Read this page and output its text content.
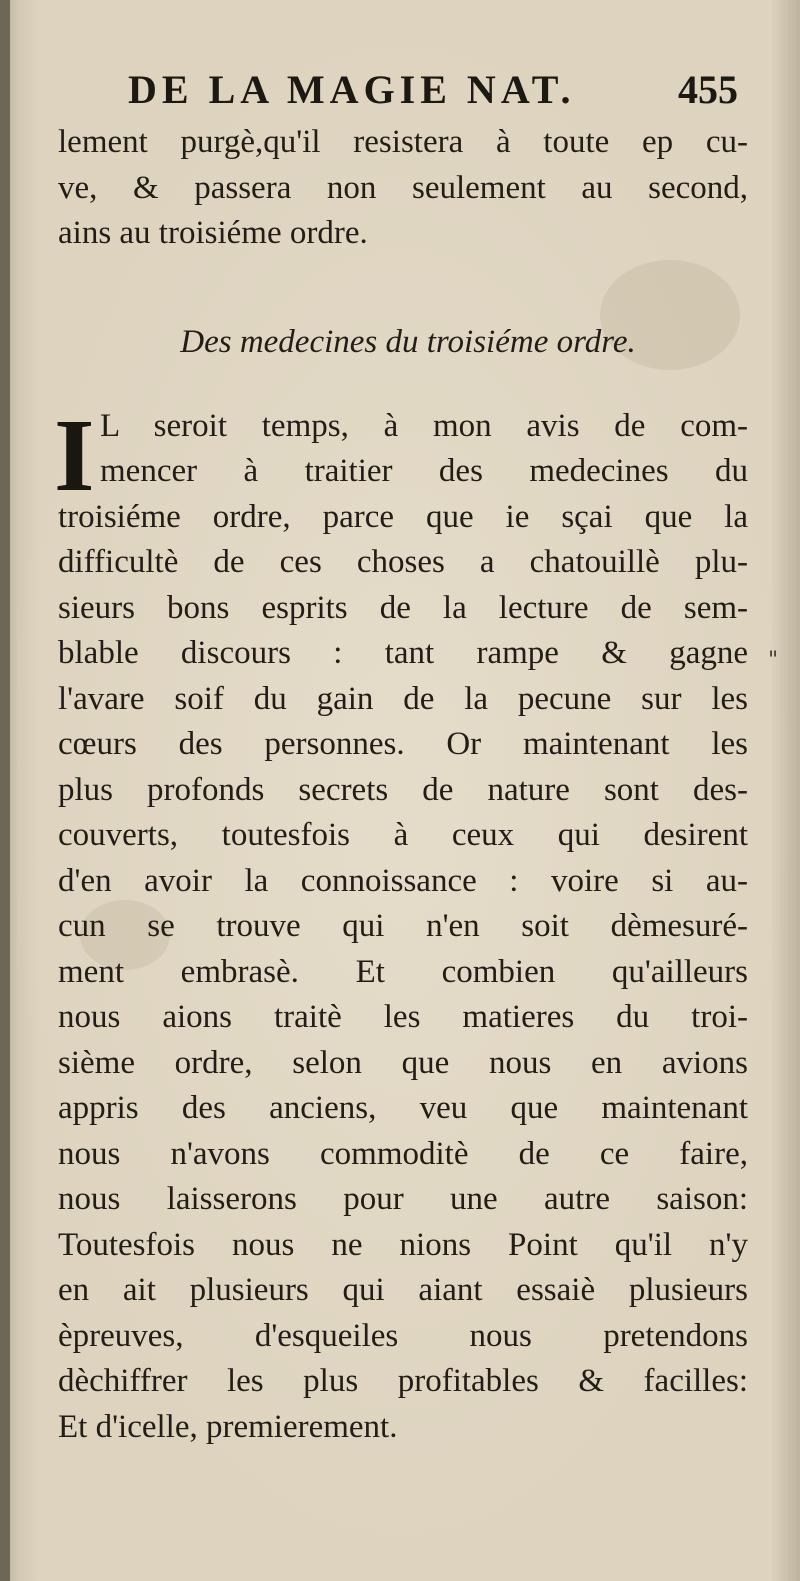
"
DE LA MAGIE NAT.	455
lement purgè,qu'il resistera à toute ep cu-
ve, & passera non seulement au second,
ains au troisiéme ordre.
Des medecines du troisiéme ordre.
I L seroit temps, à mon avis de com-
mencer à traitier des medecines du
troisiéme ordre, parce que ie sçai que la
difficultè de ces choses a chatouillè plu-
sieurs bons esprits de la lecture de sem-
blable discours : tant rampe & gagne
l'avare soif du gain de la pecune sur les
cœurs des personnes. Or maintenant les
plus profonds secrets de nature sont des-
couverts, toutesfois à ceux qui desirent
d'en avoir la connoissance : voire si au-
cun se trouve qui n'en soit dèmesuré-
ment embrasè. Et combien qu'ailleurs
nous aions traitè les matieres du troi-
sième ordre, selon que nous en avions
appris des anciens, veu que maintenant
nous n'avons commoditè de ce faire,
nous laisserons pour une autre saison:
Toutesfois nous ne nions Point qu'il n'y
en ait plusieurs qui aiant essaiè plusieurs
èpreuves, d'esqueiles nous pretendons
dèchiffrer les plus profitables & facilles:
Et d'icelle, premierement.
